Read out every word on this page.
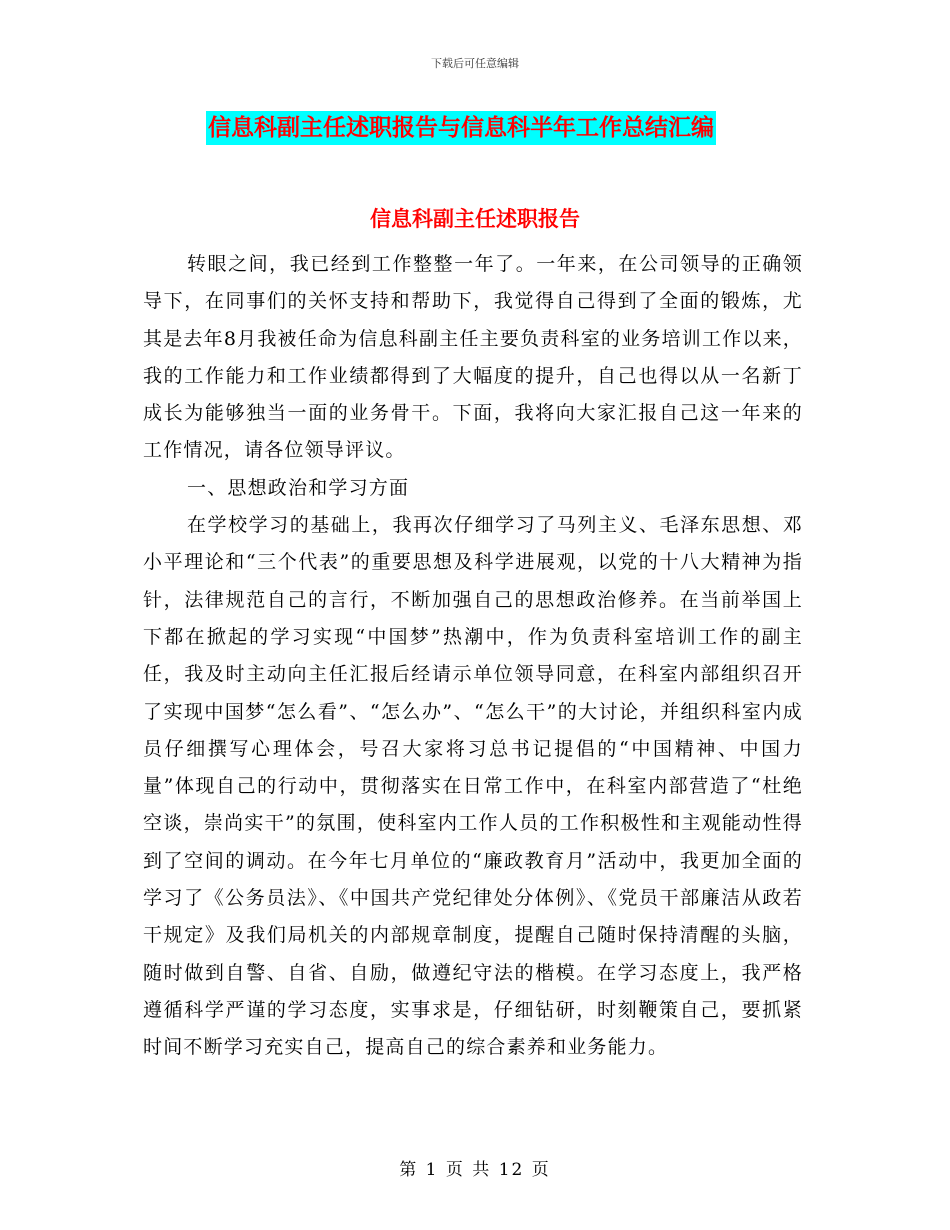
下载后可任意编辑
信息科副主任述职报告与信息科半年工作总结汇编
信息科副主任述职报告

转眼之间，我已经到工作整整一年了。一年来，在公司领导的正确领导下，在同事们的关怀支持和帮助下，我觉得自己得到了全面的锻炼，尤其是去年8月我被任命为信息科副主任主要负责科室的业务培训工作以来，我的工作能力和工作业绩都得到了大幅度的提升，自己也得以从一名新丁成长为能够独当一面的业务骨干。下面，我将向大家汇报自己这一年来的工作情况，请各位领导评议。

一、思想政治和学习方面

在学校学习的基础上，我再次仔细学习了马列主义、毛泽东思想、邓小平理论和“三个代表”的重要思想及科学进展观，以党的十八大精神为指针，法律规范自己的言行，不断加强自己的思想政治修养。在当前举国上下都在掀起的学习实现“中国梦”热潮中，作为负责科室培训工作的副主任，我及时主动向主任汇报后经请示单位领导同意，在科室内部组织召开了实现中国梦“怎么看”、“怎么办”、“怎么干”的大讨论，并组织科室内成员仔细撰写心理体会，号召大家将习总书记提倡的“中国精神、中国力量”体现自己的行动中，贯彻落实在日常工作中，在科室内部营造了“杜绝空谈，崇尚实干”的氛围，使科室内工作人员的工作积极性和主观能动性得到了空间的调动。在今年七月单位的“廉政教育月”活动中，我更加全面的学习了《公务员法》、《中国共产党纪律处分体例》、《党员干部廉洁从政若干规定》及我们局机关的内部规章制度，提醒自己随时保持清醒的头脑，随时做到自警、自省、自励，做遵纪守法的楷模。在学习态度上，我严格遵循科学严谨的学习态度，实事求是，仔细钻研，时刻鞭策自己，要抓紧时间不断学习充实自己，提高自己的综合素养和业务能力。

第 1 页 共 12 页
